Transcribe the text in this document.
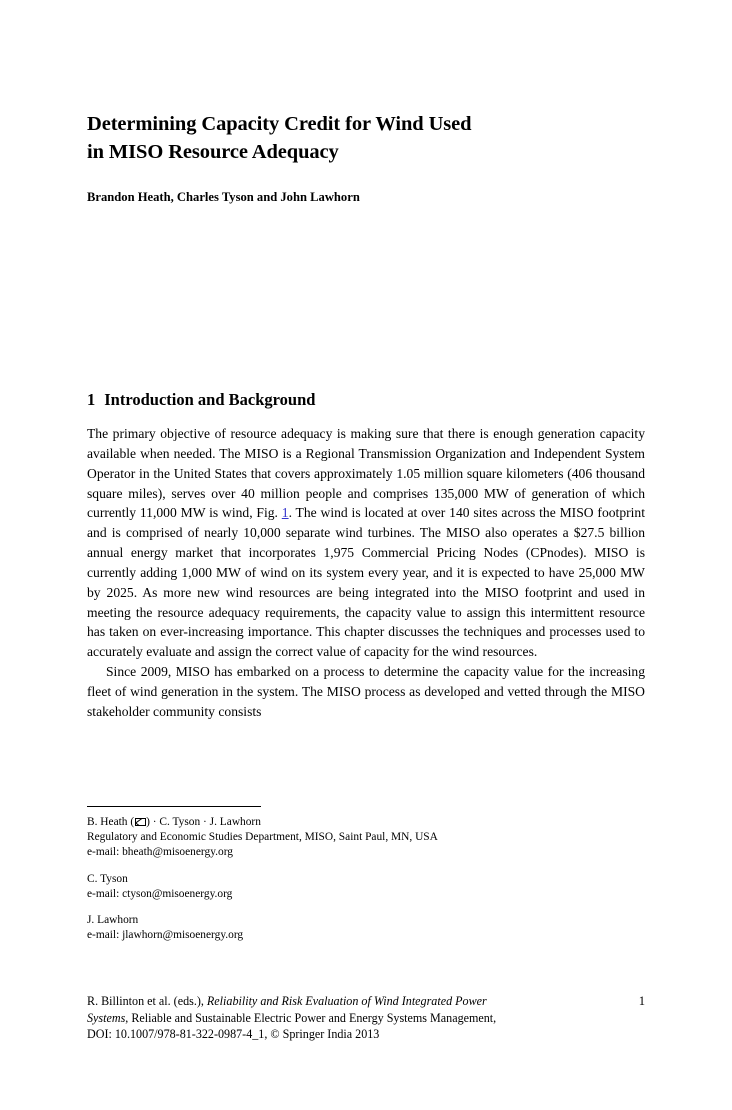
Determining Capacity Credit for Wind Used
in MISO Resource Adequacy
Brandon Heath, Charles Tyson and John Lawhorn
1 Introduction and Background

The primary objective of resource adequacy is making sure that there is enough generation capacity available when needed. The MISO is a Regional Transmission Organization and Independent System Operator in the United States that covers approximately 1.05 million square kilometers (406 thousand square miles), serves over 40 million people and comprises 135,000 MW of generation of which currently 11,000 MW is wind, Fig. 1. The wind is located at over 140 sites across the MISO footprint and is comprised of nearly 10,000 separate wind turbines. The MISO also operates a $27.5 billion annual energy market that incorporates 1,975 Commercial Pricing Nodes (CPnodes). MISO is currently adding 1,000 MW of wind on its system every year, and it is expected to have 25,000 MW by 2025. As more new wind resources are being integrated into the MISO footprint and used in meeting the resource adequacy requirements, the capacity value to assign this intermittent resource has taken on ever-increasing importance. This chapter discusses the techniques and processes used to accurately evaluate and assign the correct value of capacity for the wind resources.

Since 2009, MISO has embarked on a process to determine the capacity value for the increasing fleet of wind generation in the system. The MISO process as developed and vetted through the MISO stakeholder community consists

B. Heath ( ) · C. Tyson · J. Lawhorn
Regulatory and Economic Studies Department, MISO, Saint Paul, MN, USA
e-mail: bheath@misoenergy.org
C. Tyson
e-mail: ctyson@misoenergy.org
J. Lawhorn
e-mail: jlawhorn@misoenergy.org
R. Billinton et al. (eds.), Reliability and Risk Evaluation of Wind Integrated Power
Systems, Reliable and Sustainable Electric Power and Energy Systems Management,
DOI: 10.1007/978-81-322-0987-4_1, © Springer India 2013
1
